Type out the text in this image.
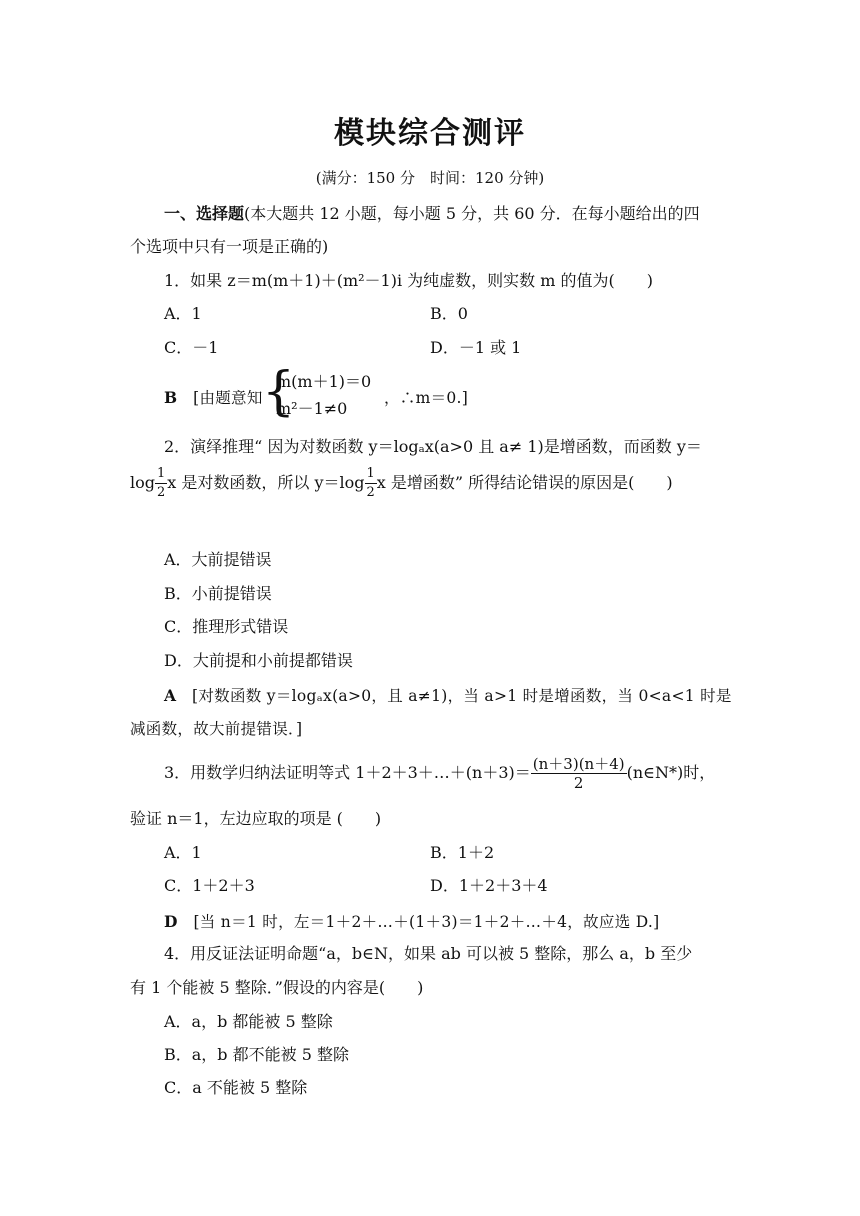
模块综合测评
(满分：150 分　时间：120 分钟)
一、选择题(本大题共 12 小题，每小题 5 分，共 60 分．在每小题给出的四
个选项中只有一项是正确的)
1．如果 z＝m(m＋1)＋(m²－1)i 为纯虚数，则实数 m 的值为(　　)
A．1	B．0
C．－1	D．－1 或 1
B [由题意知 {
m(m＋1)＝0
m²－1≠0
，∴m＝0.]
2．演绎推理“ 因为对数函数 y＝logₐx(a>0 且 a≠ 1)是增函数，而函数 y＝
$\log \frac{1}{2}$ x 是对数函数，所以 $y=\log \frac{1}{2}$ x 是增函数” 所得结论错误的原因是(　　)
A．大前提错误
B．小前提错误
C．推理形式错误
D．大前提和小前提都错误
A [对数函数 y＝logₐx(a>0，且 a≠1)，当 a>1 时是增函数，当 0<a<1 时是
减函数，故大前提错误．]
3．用数学归纳法证明等式 1＋2＋3＋…＋(n＋3)＝ $\frac{(n+3)(n+4)}{2}$ (n∈N*)时，
验证 n＝1，左边应取的项是 (　　)
A．1	B．1＋2
C．1＋2＋3	D．1＋2＋3＋4
D [当 n＝1 时，左＝1＋2＋…＋(1＋3)＝1＋2＋…＋4，故应选 D.]
4．用反证法证明命题“a，b∈N，如果 ab 可以被 5 整除，那么 a，b 至少
有 1 个能被 5 整除．”假设的内容是(　　)
A．a，b 都能被 5 整除
B．a，b 都不能被 5 整除
C．a 不能被 5 整除
